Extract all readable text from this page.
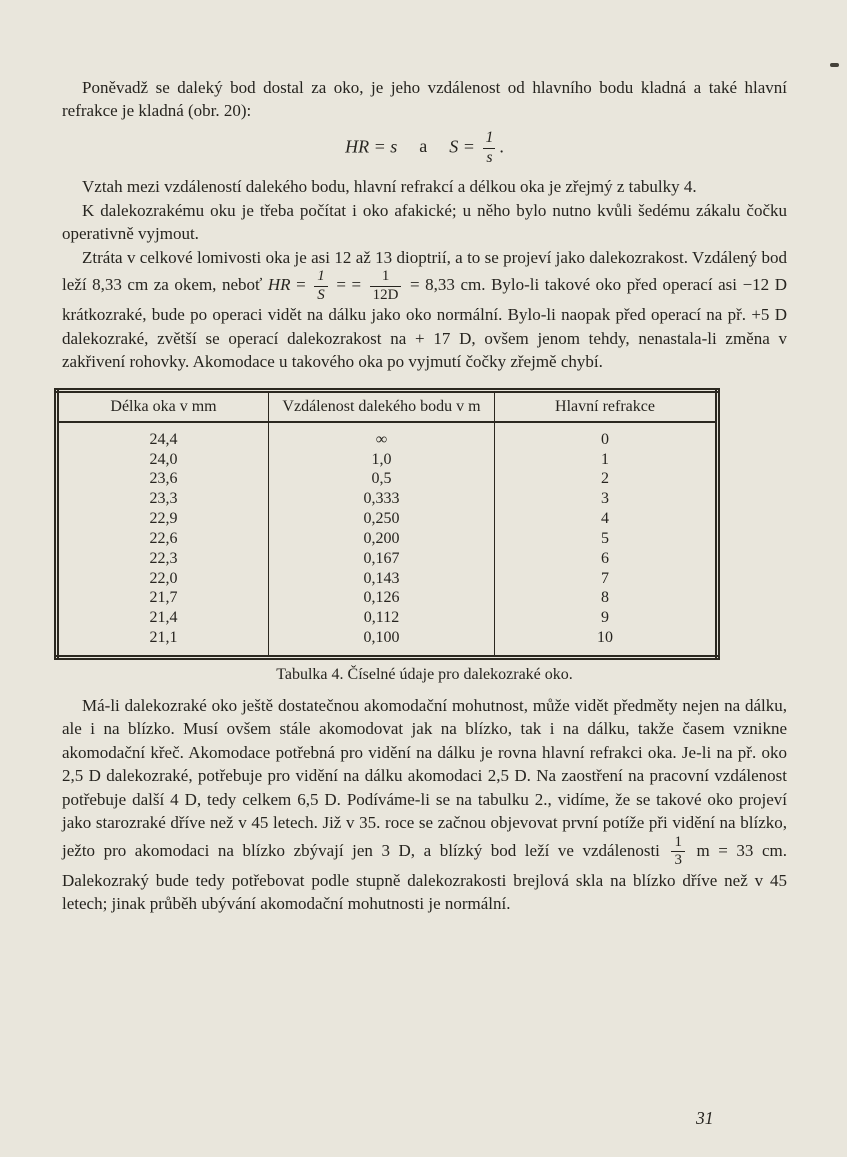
Poněvadž se daleký bod dostal za oko, je jeho vzdálenost od hlavního bodu kladná a také hlavní refrakce je kladná (obr. 20):

HR = s a $S = \frac{1}{s}$ .

Vztah mezi vzdáleností dalekého bodu, hlavní refrakcí a délkou oka je zřejmý z tabulky 4.

K dalekozrakému oku je třeba počítat i oko afakické; u něho bylo nutno kvůli šedému zákalu čočku operativně vyjmout.

Ztráta v celkové lomivosti oka je asi 12 až 13 dioptrií, a to se projeví jako dalekozrakost. Vzdálený bod leží 8,33 cm za okem, neboť HR = $\frac{1}{S}$ = = $\frac{1}{12D} = 8,33$ cm. Bylo-li takové oko před operací asi −12 D krátkozraké, bude po operaci vidět na dálku jako oko normální. Bylo-li naopak před operací na př. +5 D dalekozraké, zvětší se operací dalekozrakost na + 17 D, ovšem jenom tehdy, nenastala-li změna v zakřivení rohovky. Akomodace u takového oka po vyjmutí čočky zřejmě chybí.

Délka oka v mm	Vzdálenost dalekého bodu v m	Hlavní refrakce
24,4	∞	0
24,0	1,0	1
23,6	0,5	2
23,3	0,333	3
22,9	0,250	4
22,6	0,200	5
22,3	0,167	6
22,0	0,143	7
21,7	0,126	8
21,4	0,112	9
21,1	0,100	10

Tabulka 4. Číselné údaje pro dalekozraké oko.

Má-li dalekozraké oko ještě dostatečnou akomodační mohutnost, může vidět předměty nejen na dálku, ale i na blízko. Musí ovšem stále akomodovat jak na blízko, tak i na dálku, takže časem vznikne akomodační křeč. Akomodace potřebná pro vidění na dálku je rovna hlavní refrakci oka. Je-li na př. oko 2,5 D dalekozraké, potřebuje pro vidění na dálku akomodaci 2,5 D. Na zaostření na pracovní vzdálenost potřebuje další 4 D, tedy celkem 6,5 D. Podíváme-li se na tabulku 2., vidíme, že se takové oko projeví jako starozraké dříve než v 45 letech. Již v 35. roce se začnou objevovat první potíže při vidění na blízko, ježto pro akomodaci na blízko zbývají jen 3 D, a blízký bod leží ve vzdálenosti $\frac{1}{3}$ m = 33 cm. Dalekozraký bude tedy potřebovat podle stupně dalekozrakosti brejlová skla na blízko dříve než v 45 letech; jinak průběh ubývání akomodační mohutnosti je normální.

31
